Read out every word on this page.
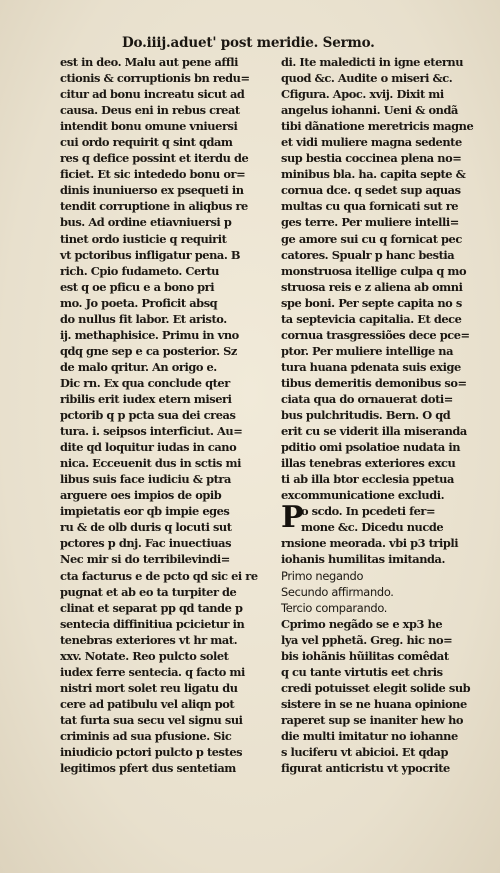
Do.iiij.aduet' post meridie. Sermo.
est in deo. Malu aut pene affli
ctionis & corruptionis bn redu=
citur ad bonu increatu sicut ad
causa. Deus eni in rebus creat
intendit bonu omune vniuersi
cui ordo requirit q sint qdam
res q defice possint et iterdu de
ficiet. Et sic intededo bonu or=
dinis inuniuerso ex psequeti in
tendit corruptione in aliqbus re
bus. Ad ordine etiavniuersi p
tinet ordo iusticie q requirit
vt pctoribus infligatur pena. B
rich. Cpio fudameto. Certu
est q oe pficu e a bono pri
mo. Jo poeta. Proficit absq
do nullus fit labor. Et aristo.
ij. methaphisice. Primu in vno
qdq gne sep e ca posterior. Sz
de malo qritur. An origo e.
Dic rn. Ex qua conclude qter
ribilis erit iudex etern miseri
pctorib q p pcta sua dei creas
tura. i. seipsos interficiut. Au=
dite qd loquitur iudas in cano
nica. Ecceuenit dus in sctis mi
libus suis face iudiciu & ptra
arguere oes impios de opib
impietatis eor qb impie eges
ru & de olb duris q locuti sut
pctores p dnj. Fac inuectiuas
Nec mir si do terribilevindi=
cta facturus e de pcto qd sic ei re
pugnat et ab eo ta turpiter de
clinat et separat pp qd tande p
sentecia diffinitiua pcicietur in
tenebras exteriores vt hr mat.
xxv. Notate. Reo pulcto solet
iudex ferre sentecia. q facto mi
nistri mort solet reu ligatu du
cere ad patibulu vel aliqn pot
tat furta sua secu vel signu sui
criminis ad sua pfusione. Sic
iniudicio pctori pulcto p testes
legitimos pfert dus sentetiam
di. Ite maledicti in igne eternu
quod &c. Audite o miseri &c.
Cfigura. Apoc. xvij. Dixit mi
angelus iohanni. Ueni & ondã
tibi dãnatione meretricis magne
et vidi muliere magna sedente
sup bestia coccinea plena no=
minibus bla. ha. capita septe &
cornua dce. q sedet sup aquas
multas cu qua fornicati sut re
ges terre. Per muliere intelli=
ge amore sui cu q fornicat pec
catores. Spualr p hanc bestia
monstruosa itellige culpa q mo
struosa reis e z aliena ab omni
spe boni. Per septe capita no s
ta septevicia capitalia. Et dece
cornua trasgressiões dece pce=
ptor. Per muliere intellige na
tura huana pdenata suis exige
tibus demeritis demonibus so=
ciata qua do ornauerat doti=
bus pulchritudis. Bern. O qd
erit cu se viderit illa miseranda
pditio omi psolatioe nudata in
illas tenebras exteriores excu
ti ab illa btor ecclesia ppetua
excommunicatione excludi.
o scdo. In pcedeti fer=
P
mone &c. Dicedu nucde
rnsione meorada. vbi p3 tripli
iohanis humilitas imitanda.
Primo negando
Secundo affirmando.
Tercio comparando.
Cprimo negãdo se e xp3 he
lya vel pphetã. Greg. hic no=
bis iohãnis hũilitas comêdat
q cu tante virtutis eet chris
credi potuisset elegit solide sub
sistere in se ne huana opinione
raperet sup se inaniter hew ho
die multi imitatur no iohanne
s luciferu vt abicioi. Et qdap
figurat anticristu vt ypocrite
